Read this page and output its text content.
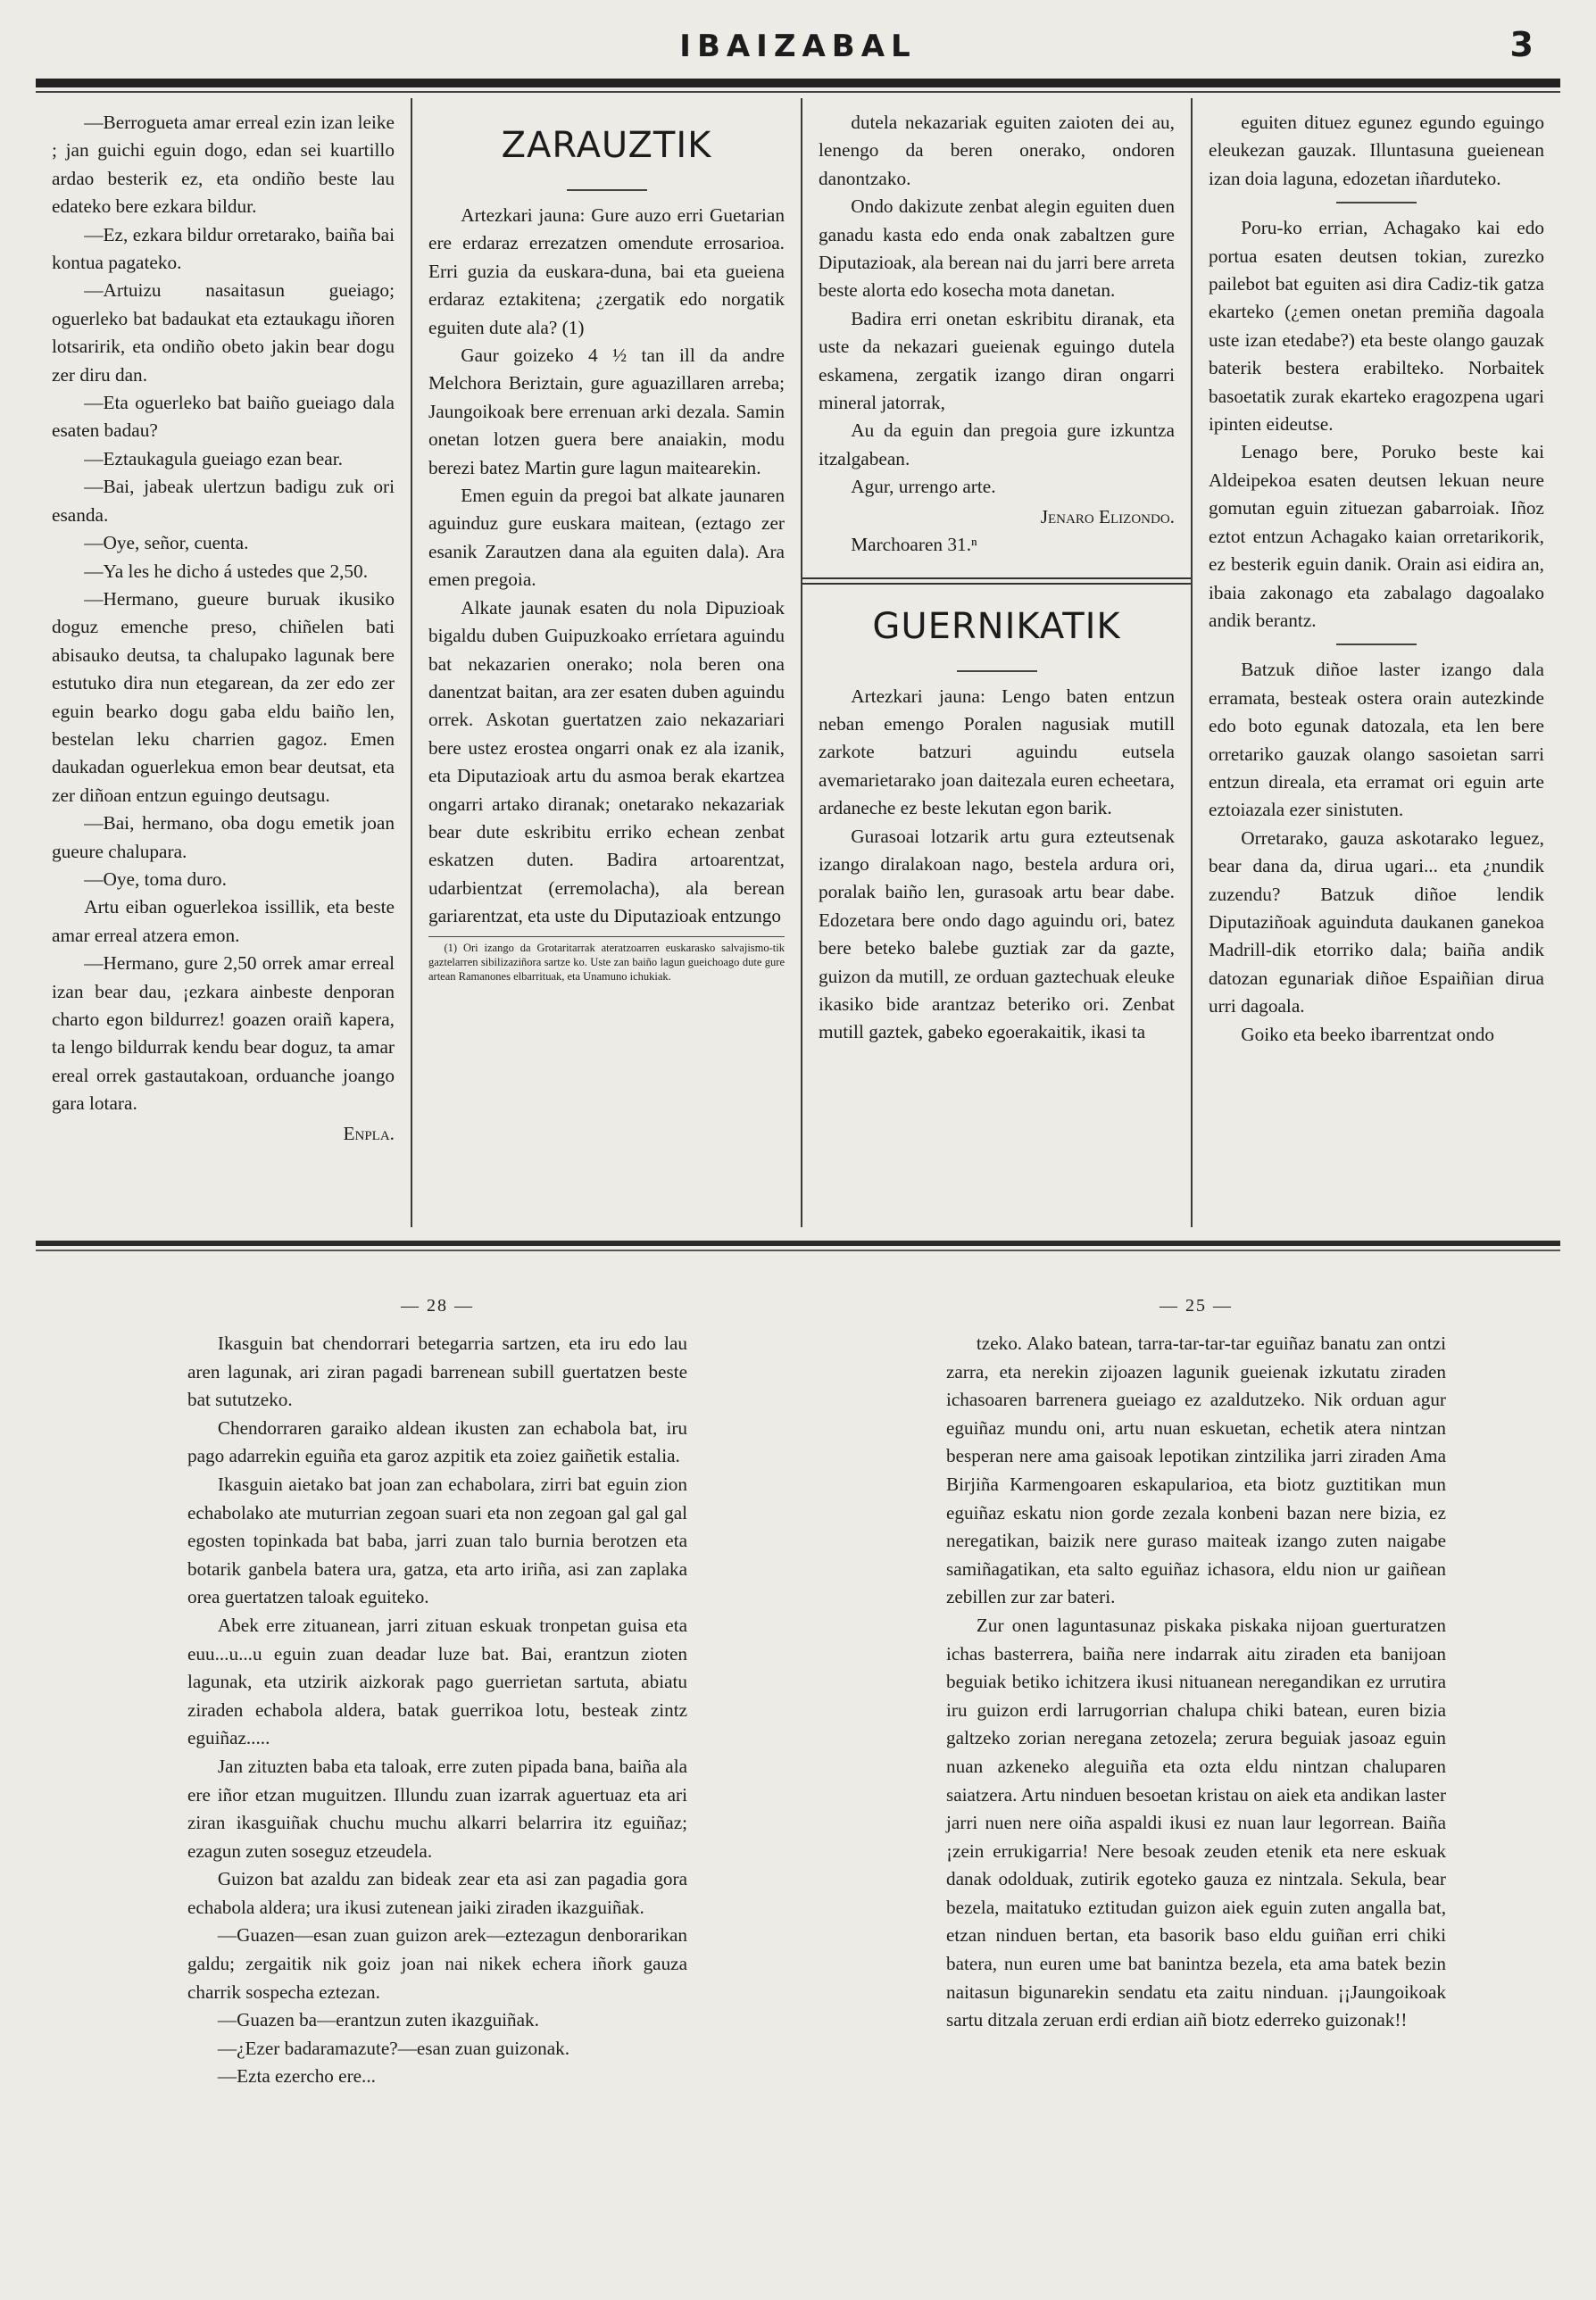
IBAIZABAL	3

—Berrogueta amar erreal ezin izan leike ; jan guichi eguin dogo, edan sei kuartillo ardao besterik ez, eta ondiño beste lau edateko bere ezkara bildur.

—Ez, ezkara bildur orretarako, baiña bai kontua pagateko.

—Artuizu nasaitasun gueiago; oguerleko bat badaukat eta eztaukagu iñoren lotsaririk, eta ondiño obeto jakin bear dogu zer diru dan.

—Eta oguerleko bat baiño gueiago dala esaten badau?

—Eztaukagula gueiago ezan bear.

—Bai, jabeak ulertzun badigu zuk ori esanda.

—Oye, señor, cuenta.

—Ya les he dicho á ustedes que 2,50.

—Hermano, gueure buruak ikusiko doguz emenche preso, chiñelen bati abisauko deutsa, ta chalupako lagunak bere estutuko dira nun etegarean, da zer edo zer eguin bearko dogu gaba eldu baiño len, bestelan leku charrien gagoz. Emen daukadan oguerlekua emon bear deutsat, eta zer diñoan entzun eguingo deutsagu.

—Bai, hermano, oba dogu emetik joan gueure chalupara.

—Oye, toma duro.

Artu eiban oguerlekoa issillik, eta beste amar erreal atzera emon.

—Hermano, gure 2,50 orrek amar erreal izan bear dau, ¡ezkara ainbeste denporan charto egon bildurrez! goazen oraiñ kapera, ta lengo bildurrak kendu bear doguz, ta amar ereal orrek gastautakoan, orduanche joango gara lotara.

Enpla.

ZARAUZTIK

Artezkari jauna: Gure auzo erri Guetarian ere erdaraz errezatzen omendute errosarioa. Erri guzia da euskara-duna, bai eta gueiena erdaraz eztakitena; ¿zergatik edo norgatik eguiten dute ala? (1)

Gaur goizeko 4 ½ tan ill da andre Melchora Beriztain, gure aguazillaren arreba; Jaungoikoak bere errenuan arki dezala. Samin onetan lotzen guera bere anaiakin, modu berezi batez Martin gure lagun maitearekin.

Emen eguin da pregoi bat alkate jaunaren aguinduz gure euskara maitean, (eztago zer esanik Zarautzen dana ala eguiten dala). Ara emen pregoia.

Alkate jaunak esaten du nola Dipuzioak bigaldu duben Guipuzkoako erríetara aguindu bat nekazarien onerako; nola beren ona danentzat baitan, ara zer esaten duben aguindu orrek. Askotan guertatzen zaio nekazariari bere ustez erostea ongarri onak ez ala izanik, eta Diputazioak artu du asmoa berak ekartzea ongarri artako diranak; onetarako nekazariak bear dute eskribitu erriko echean zenbat eskatzen duten. Badira artoarentzat, udarbientzat (erremolacha), ala berean gariarentzat, eta uste du Diputazioak entzungo

(1) Ori izango da Grotaritarrak ateratzoarren euskarasko salvajismo-tik gaztelarren sibilizaziñora sartze ko. Uste zan baiño lagun gueichoago dute gure artean Ramanones elbarrituak, eta Unamuno ichukiak.

dutela nekazariak eguiten zaioten dei au, lenengo da beren onerako, ondoren danontzako.

Ondo dakizute zenbat alegin eguiten duen ganadu kasta edo enda onak zabaltzen gure Diputazioak, ala berean nai du jarri bere arreta beste alorta edo kosecha mota danetan.

Badira erri onetan eskribitu diranak, eta uste da nekazari gueienak eguingo dutela eskamena, zergatik izango diran ongarri mineral jatorrak,

Au da eguin dan pregoia gure izkuntza itzalgabean.

Agur, urrengo arte.

Jenaro Elizondo.

Marchoaren 31.ⁿ

GUERNIKATIK

Artezkari jauna: Lengo baten entzun neban emengo Poralen nagusiak mutill zarkote batzuri aguindu eutsela avemarietarako joan daitezala euren echeetara, ardaneche ez beste lekutan egon barik.

Gurasoai lotzarik artu gura ezteutsenak izango diralakoan nago, bestela ardura ori, poralak baiño len, gurasoak artu bear dabe. Edozetara bere ondo dago aguindu ori, batez bere beteko balebe guztiak zar da gazte, guizon da mutill, ze orduan gaztechuak eleuke ikasiko bide arantzaz beteriko ori. Zenbat mutill gaztek, gabeko egoerakaitik, ikasi ta

eguiten dituez egunez egundo eguingo eleukezan gauzak. Illuntasuna gueienean izan doia laguna, edozetan iñarduteko.

Poru-ko errian, Achagako kai edo portua esaten deutsen tokian, zurezko pailebot bat eguiten asi dira Cadiz-tik gatza ekarteko (¿emen onetan premiña dagoala uste izan etedabe?) eta beste olango gauzak baterik bestera erabilteko. Norbaitek basoetatik zurak ekarteko eragozpena ugari ipinten eideutse.

Lenago bere, Poruko beste kai Aldeipekoa esaten deutsen lekuan neure gomutan eguin zituezan gabarroiak. Iñoz eztot entzun Achagako kaian orretarikorik, ez besterik eguin danik. Orain asi eidira an, ibaia zakonago eta zabalago dagoalako andik berantz.

Batzuk diñoe laster izango dala erramata, besteak ostera orain autezkinde edo boto egunak datozala, eta len bere orretariko gauzak olango sasoietan sarri entzun direala, eta erramat ori eguin arte eztoiazala ezer sinistuten.

Orretarako, gauza askotarako leguez, bear dana da, dirua ugari... eta ¿nundik zuzendu? Batzuk diñoe lendik Diputaziñoak aguinduta daukanen ganekoa Madrill-dik etorriko dala; baiña andik datozan egunariak diñoe Espaiñian dirua urri dagoala.

Goiko eta beeko ibarrentzat ondo

— 28 —

Ikasguin bat chendorrari betegarria sartzen, eta iru edo lau aren lagunak, ari ziran pagadi barrenean subill guertatzen beste bat sututzeko.

Chendorraren garaiko aldean ikusten zan echabola bat, iru pago adarrekin eguiña eta garoz azpitik eta zoiez gaiñetik estalia.

Ikasguin aietako bat joan zan echabolara, zirri bat eguin zion echabolako ate muturrian zegoan suari eta non zegoan gal gal gal egosten topinkada bat baba, jarri zuan talo burnia berotzen eta botarik ganbela batera ura, gatza, eta arto iriña, asi zan zaplaka orea guertatzen taloak eguiteko.

Abek erre zituanean, jarri zituan eskuak tronpetan guisa eta euu...u...u eguin zuan deadar luze bat. Bai, erantzun zioten lagunak, eta utzirik aizkorak pago guerrietan sartuta, abiatu ziraden echabola aldera, batak guerrikoa lotu, besteak zintz eguiñaz.....

Jan zituzten baba eta taloak, erre zuten pipada bana, baiña ala ere iñor etzan muguitzen. Illundu zuan izarrak aguertuaz eta ari ziran ikasguiñak chuchu muchu alkarri belarrira itz eguiñaz; ezagun zuten soseguz etzeudela.

Guizon bat azaldu zan bideak zear eta asi zan pagadia gora echabola aldera; ura ikusi zutenean jaiki ziraden ikazguiñak.

—Guazen—esan zuan guizon arek—eztezagun denborarikan galdu; zergaitik nik goiz joan nai nikek echera iñork gauza charrik sospecha eztezan.

—Guazen ba—erantzun zuten ikazguiñak.

—¿Ezer badaramazute?—esan zuan guizonak.

—Ezta ezercho ere...

— 25 —

tzeko. Alako batean, tarra-tar-tar-tar eguiñaz banatu zan ontzi zarra, eta nerekin zijoazen lagunik gueienak izkutatu ziraden ichasoaren barrenera gueiago ez azaldutzeko. Nik orduan agur eguiñaz mundu oni, artu nuan eskuetan, echetik atera nintzan besperan nere ama gaisoak lepotikan zintzilika jarri ziraden Ama Birjiña Karmengoaren eskapularioa, eta biotz guztitikan mun eguiñaz eskatu nion gorde zezala konbeni bazan nere bizia, ez neregatikan, baizik nere guraso maiteak izango zuten naigabe samiñagatikan, eta salto eguiñaz ichasora, eldu nion ur gaiñean zebillen zur zar bateri.

Zur onen laguntasunaz piskaka piskaka nijoan guerturatzen ichas basterrera, baiña nere indarrak aitu ziraden eta banijoan beguiak betiko ichitzera ikusi nituanean neregandikan ez urrutira iru guizon erdi larrugorrian chalupa chiki batean, euren bizia galtzeko zorian neregana zetozela; zerura beguiak jasoaz eguin nuan azkeneko aleguiña eta ozta eldu nintzan chaluparen saiatzera. Artu ninduen besoetan kristau on aiek eta andikan laster jarri nuen nere oiña aspaldi ikusi ez nuan laur legorrean. Baiña ¡zein errukigarria! Nere besoak zeuden etenik eta nere eskuak danak odolduak, zutirik egoteko gauza ez nintzala. Sekula, bear bezela, maitatuko eztitudan guizon aiek eguin zuten angalla bat, etzan ninduen bertan, eta basorik baso eldu guiñan erri chiki batera, nun euren ume bat banintza bezela, eta ama batek bezin naitasun bigunarekin sendatu eta zaitu ninduan. ¡¡Jaungoikoak sartu ditzala zeruan erdi erdian aiñ biotz ederreko guizonak!!
